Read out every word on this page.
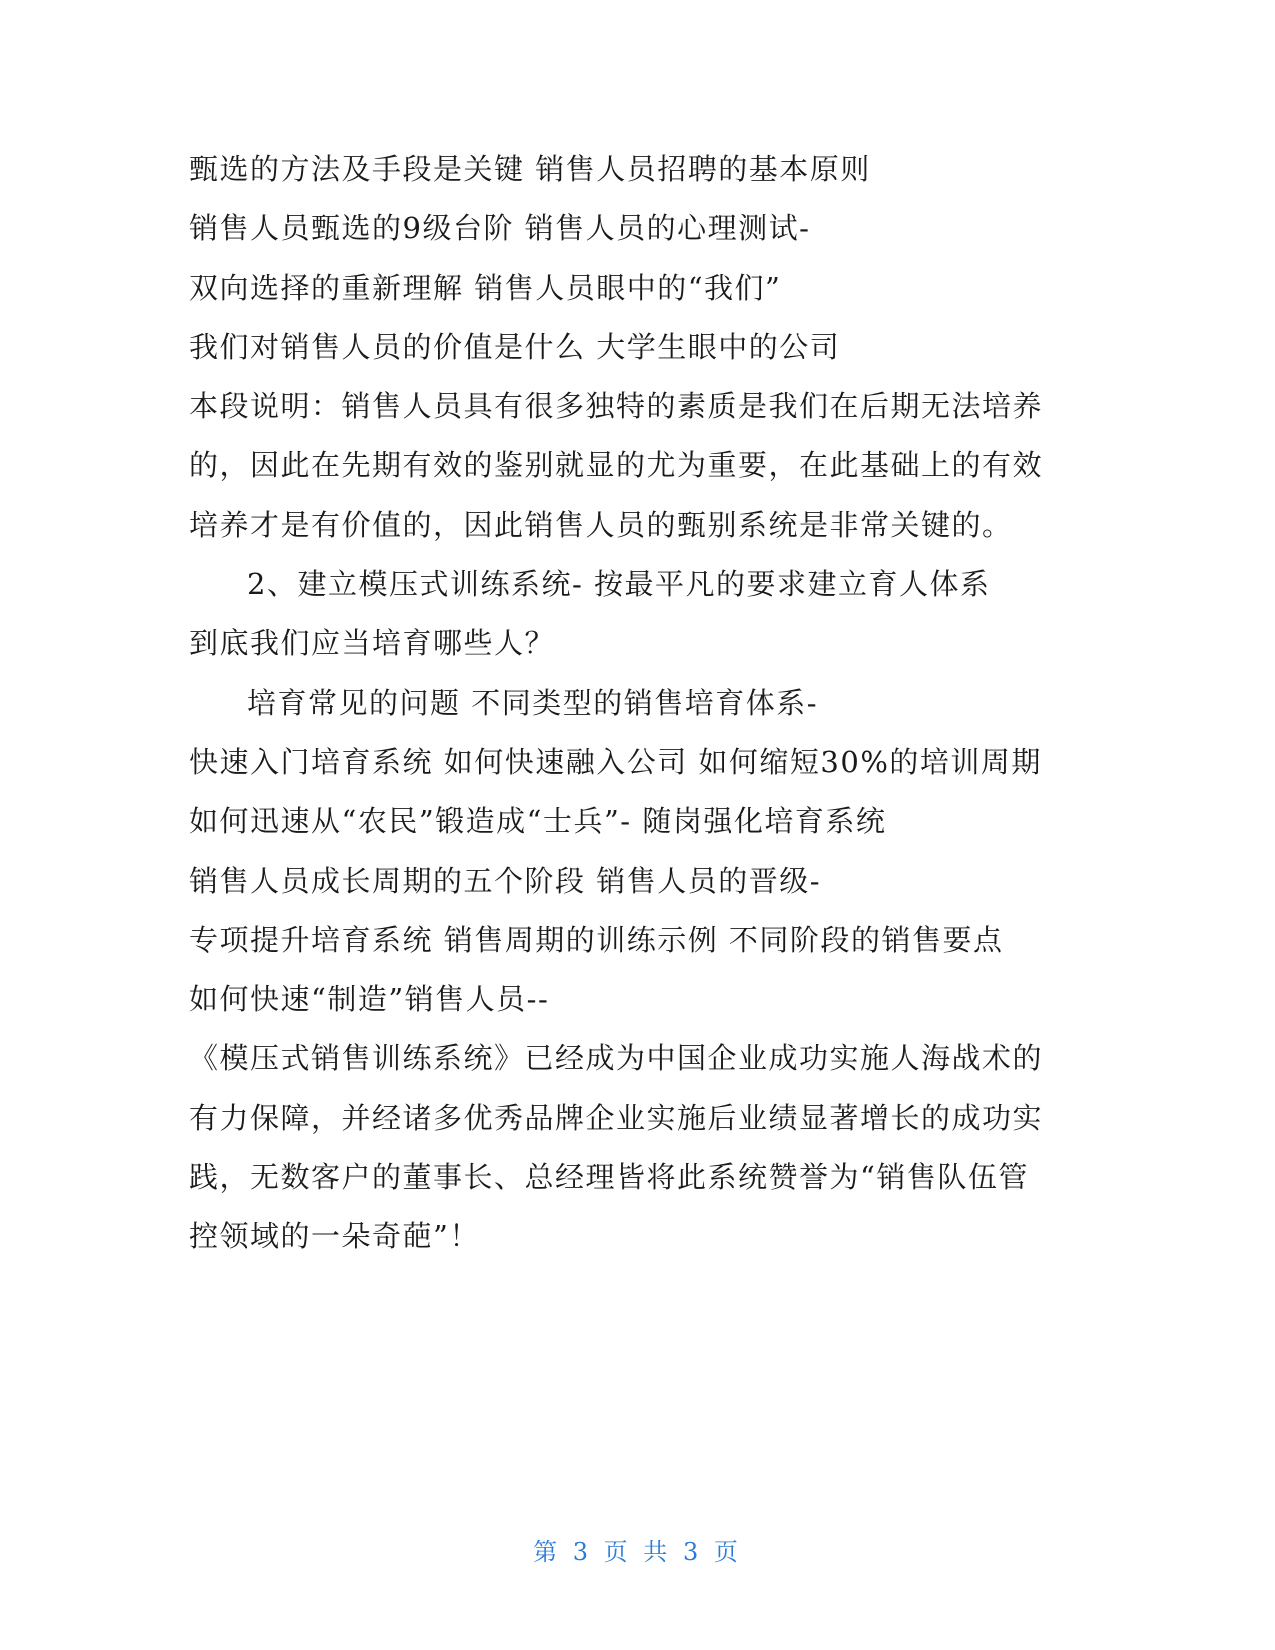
甄选的方法及手段是关键 销售人员招聘的基本原则
销售人员甄选的9级台阶 销售人员的心理测试-
双向选择的重新理解 销售人员眼中的“我们”
我们对销售人员的价值是什么 大学生眼中的公司
本段说明：销售人员具有很多独特的素质是我们在后期无法培养
的，因此在先期有效的鉴别就显的尤为重要，在此基础上的有效
培养才是有价值的，因此销售人员的甄别系统是非常关键的。
2、建立模压式训练系统- 按最平凡的要求建立育人体系
到底我们应当培育哪些人？
培育常见的问题 不同类型的销售培育体系-
快速入门培育系统 如何快速融入公司 如何缩短30%的培训周期
如何迅速从“农民”锻造成“士兵”- 随岗强化培育系统
销售人员成长周期的五个阶段 销售人员的晋级-
专项提升培育系统 销售周期的训练示例 不同阶段的销售要点
如何快速“制造”销售人员--
《模压式销售训练系统》已经成为中国企业成功实施人海战术的
有力保障，并经诸多优秀品牌企业实施后业绩显著增长的成功实
践，无数客户的董事长、总经理皆将此系统赞誉为“销售队伍管
控领域的一朵奇葩”！
第 3 页 共 3 页
